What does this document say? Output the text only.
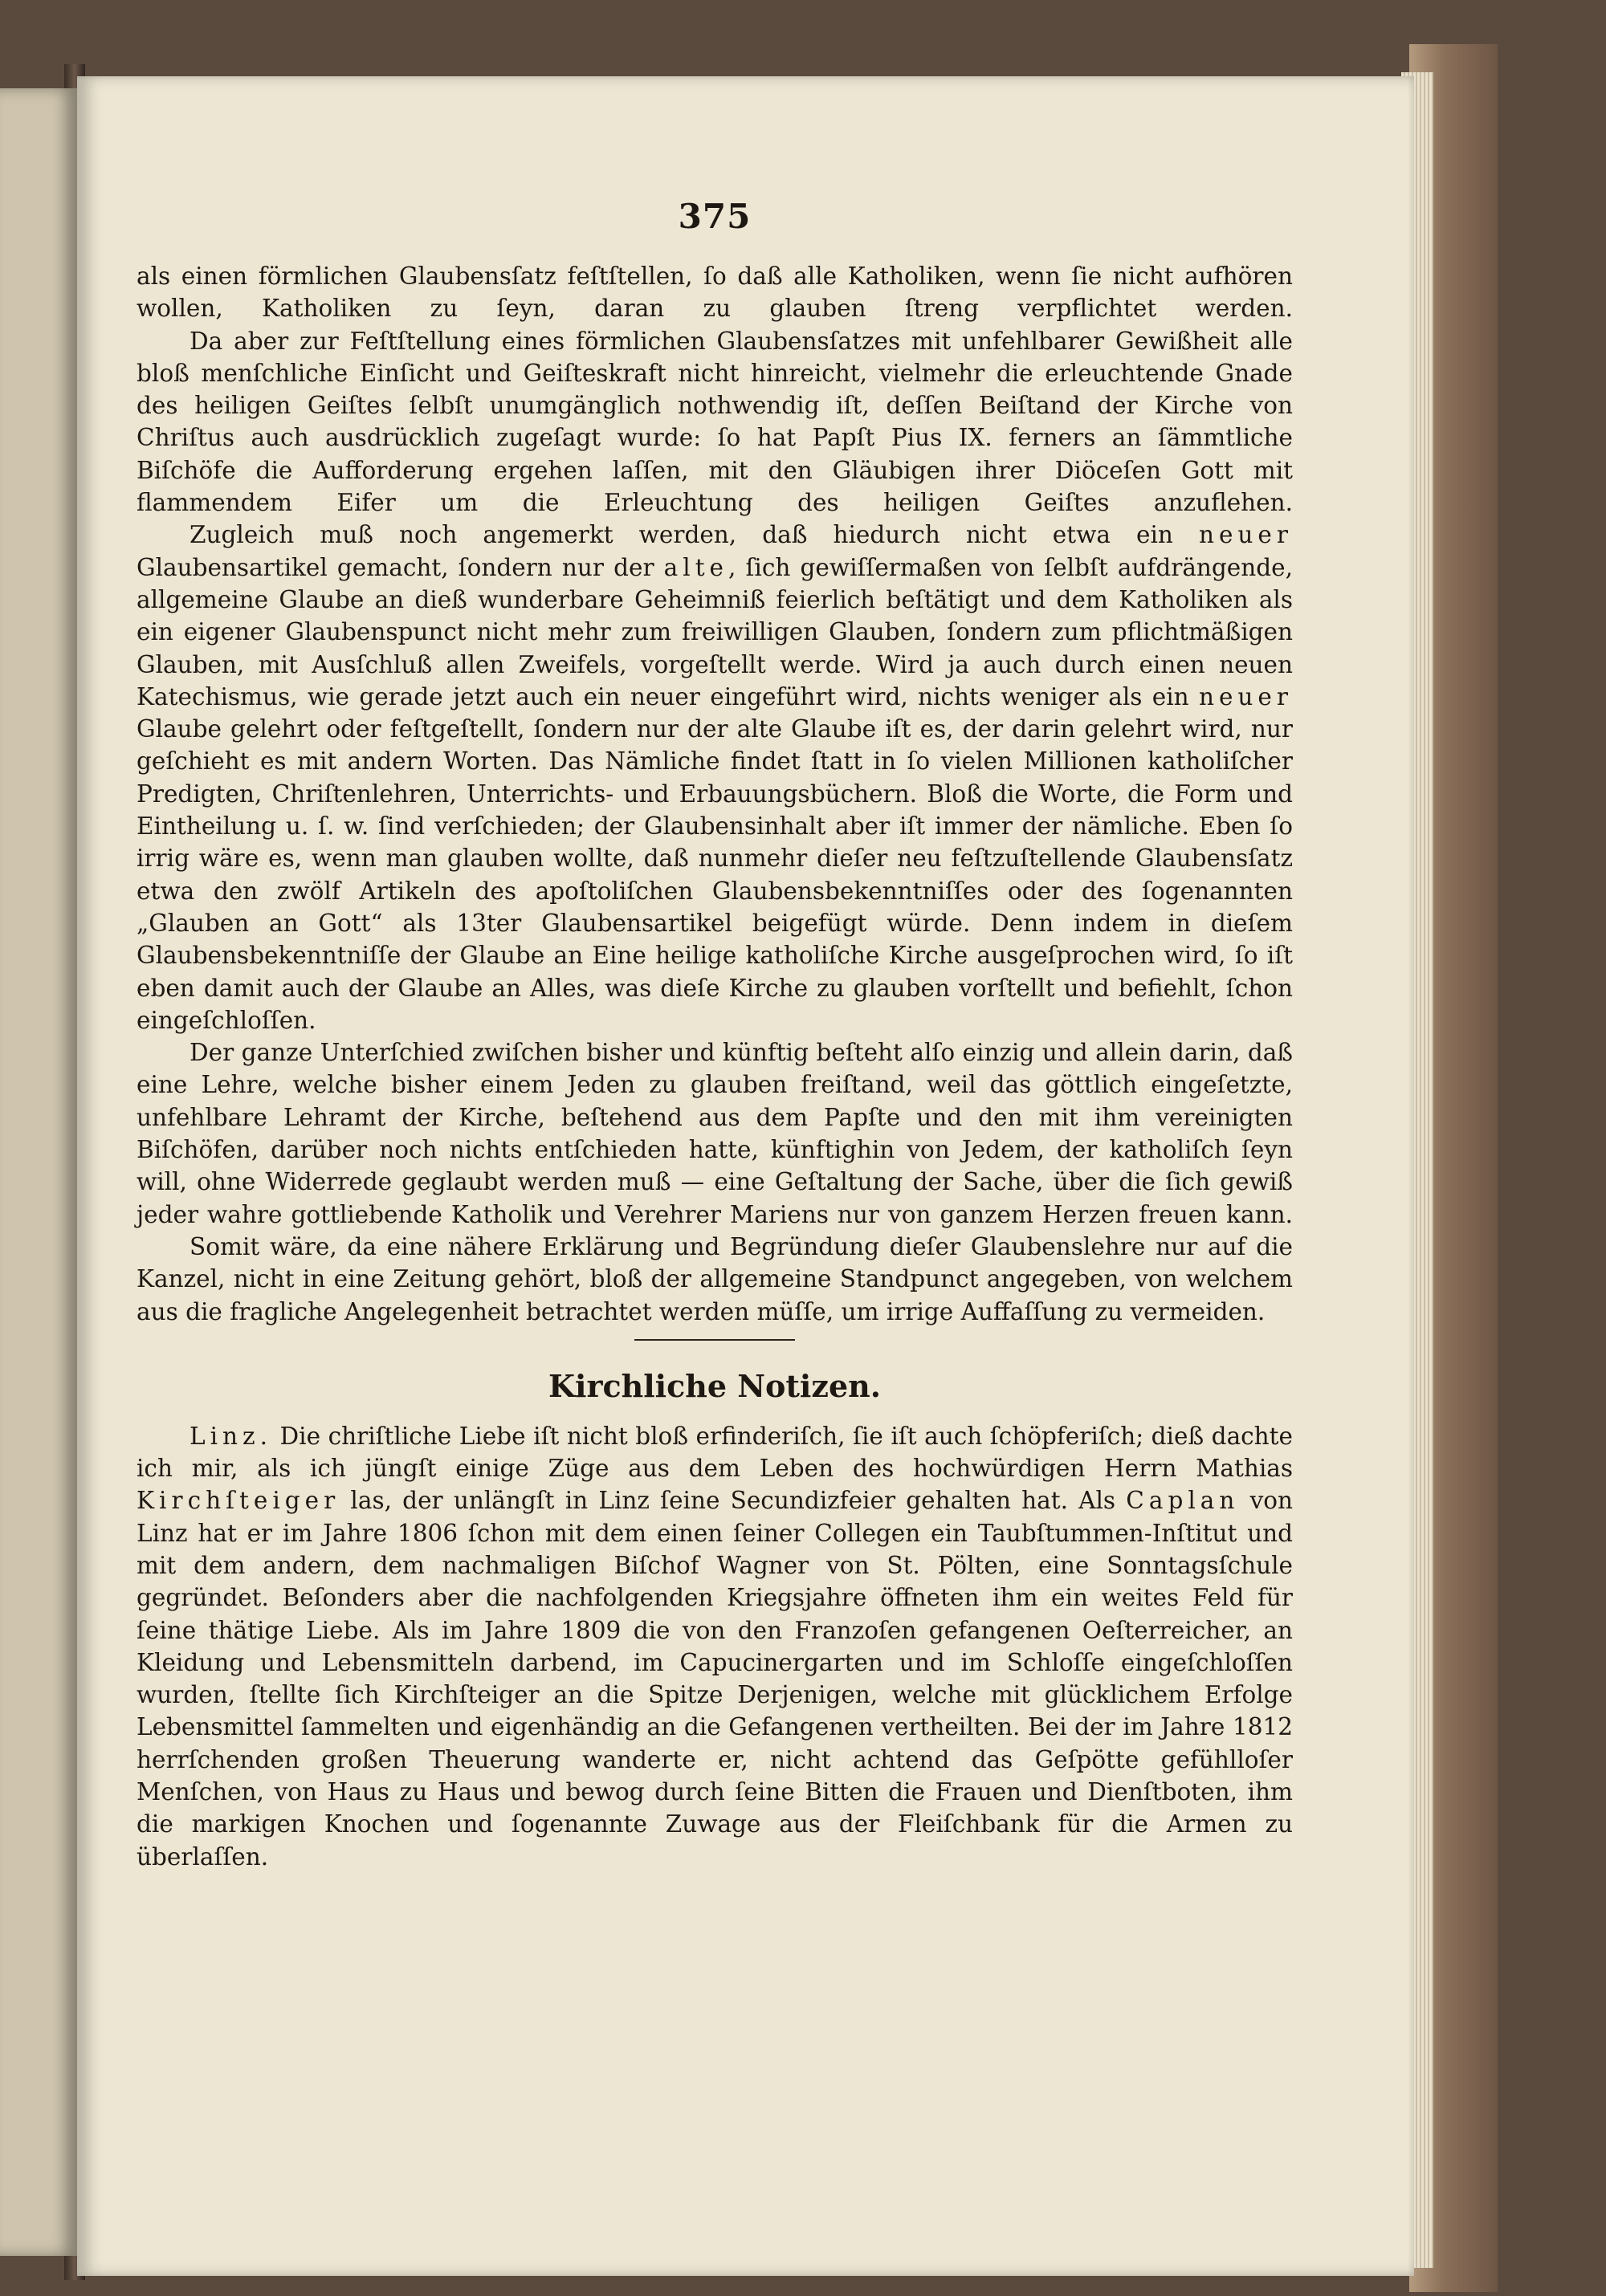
375

als einen förmlichen Glaubensſatz feſtſtellen, ſo daß alle Katholiken, wenn ſie nicht aufhören wollen, Katholiken zu ſeyn, daran zu glauben ſtreng verpflichtet werden.

Da aber zur Feſtſtellung eines förmlichen Glaubensſatzes mit unfehlbarer Gewißheit alle bloß menſchliche Einſicht und Geiſteskraft nicht hinreicht, vielmehr die erleuchtende Gnade des heiligen Geiſtes ſelbſt unumgänglich nothwendig iſt, deſſen Beiſtand der Kirche von Chriſtus auch ausdrücklich zugeſagt wurde: ſo hat Papſt Pius IX. ferners an ſämmtliche Biſchöfe die Aufforderung ergehen laſſen, mit den Gläubigen ihrer Diöceſen Gott mit flammendem Eifer um die Erleuchtung des heiligen Geiſtes anzuflehen.

Zugleich muß noch angemerkt werden, daß hiedurch nicht etwa ein neuer Glaubensartikel gemacht, ſondern nur der alte, ſich gewiſſermaßen von ſelbſt aufdrängende, allgemeine Glaube an dieß wunderbare Geheimniß feierlich beſtätigt und dem Katholiken als ein eigener Glaubenspunct nicht mehr zum freiwilligen Glauben, ſondern zum pflichtmäßigen Glauben, mit Ausſchluß allen Zweifels, vorgeſtellt werde. Wird ja auch durch einen neuen Katechismus, wie gerade jetzt auch ein neuer eingeführt wird, nichts weniger als ein neuer Glaube gelehrt oder feſtgeſtellt, ſondern nur der alte Glaube iſt es, der darin gelehrt wird, nur geſchieht es mit andern Worten. Das Nämliche findet ſtatt in ſo vielen Millionen katholiſcher Predigten, Chriſtenlehren, Unterrichts- und Erbauungsbüchern. Bloß die Worte, die Form und Eintheilung u. ſ. w. ſind verſchieden; der Glaubensinhalt aber iſt immer der nämliche. Eben ſo irrig wäre es, wenn man glauben wollte, daß nunmehr dieſer neu feſtzuſtellende Glaubensſatz etwa den zwölf Artikeln des apoſtoliſchen Glaubensbekenntniſſes oder des ſogenannten „Glauben an Gott“ als 13ter Glaubensartikel beigefügt würde. Denn indem in dieſem Glaubensbekenntniſſe der Glaube an Eine heilige katholiſche Kirche ausgeſprochen wird, ſo iſt eben damit auch der Glaube an Alles, was dieſe Kirche zu glauben vorſtellt und befiehlt, ſchon eingeſchloſſen.

Der ganze Unterſchied zwiſchen bisher und künftig beſteht alſo einzig und allein darin, daß eine Lehre, welche bisher einem Jeden zu glauben freiſtand, weil das göttlich eingeſetzte, unfehlbare Lehramt der Kirche, beſtehend aus dem Papſte und den mit ihm vereinigten Biſchöfen, darüber noch nichts entſchieden hatte, künftighin von Jedem, der katholiſch ſeyn will, ohne Widerrede geglaubt werden muß — eine Geſtaltung der Sache, über die ſich gewiß jeder wahre gottliebende Katholik und Verehrer Mariens nur von ganzem Herzen freuen kann.

Somit wäre, da eine nähere Erklärung und Begründung dieſer Glaubenslehre nur auf die Kanzel, nicht in eine Zeitung gehört, bloß der allgemeine Standpunct angegeben, von welchem aus die fragliche Angelegenheit betrachtet werden müſſe, um irrige Auffaſſung zu vermeiden.

Kirchliche Notizen.

Linz. Die chriſtliche Liebe iſt nicht bloß erfinderiſch, ſie iſt auch ſchöpferiſch; dieß dachte ich mir, als ich jüngſt einige Züge aus dem Leben des hochwürdigen Herrn Mathias Kirchſteiger las, der unlängſt in Linz ſeine Secundizfeier gehalten hat. Als Caplan von Linz hat er im Jahre 1806 ſchon mit dem einen ſeiner Collegen ein Taubſtummen-Inſtitut und mit dem andern, dem nachmaligen Biſchof Wagner von St. Pölten, eine Sonntagsſchule gegründet. Beſonders aber die nachfolgenden Kriegsjahre öffneten ihm ein weites Feld für ſeine thätige Liebe. Als im Jahre 1809 die von den Franzoſen gefangenen Oeſterreicher, an Kleidung und Lebensmitteln darbend, im Capucinergarten und im Schloſſe eingeſchloſſen wurden, ſtellte ſich Kirchſteiger an die Spitze Derjenigen, welche mit glücklichem Erfolge Lebensmittel ſammelten und eigenhändig an die Gefangenen vertheilten. Bei der im Jahre 1812 herrſchenden großen Theuerung wanderte er, nicht achtend das Geſpötte gefühlloſer Menſchen, von Haus zu Haus und bewog durch ſeine Bitten die Frauen und Dienſtboten, ihm die markigen Knochen und ſogenannte Zuwage aus der Fleiſchbank für die Armen zu überlaſſen.
